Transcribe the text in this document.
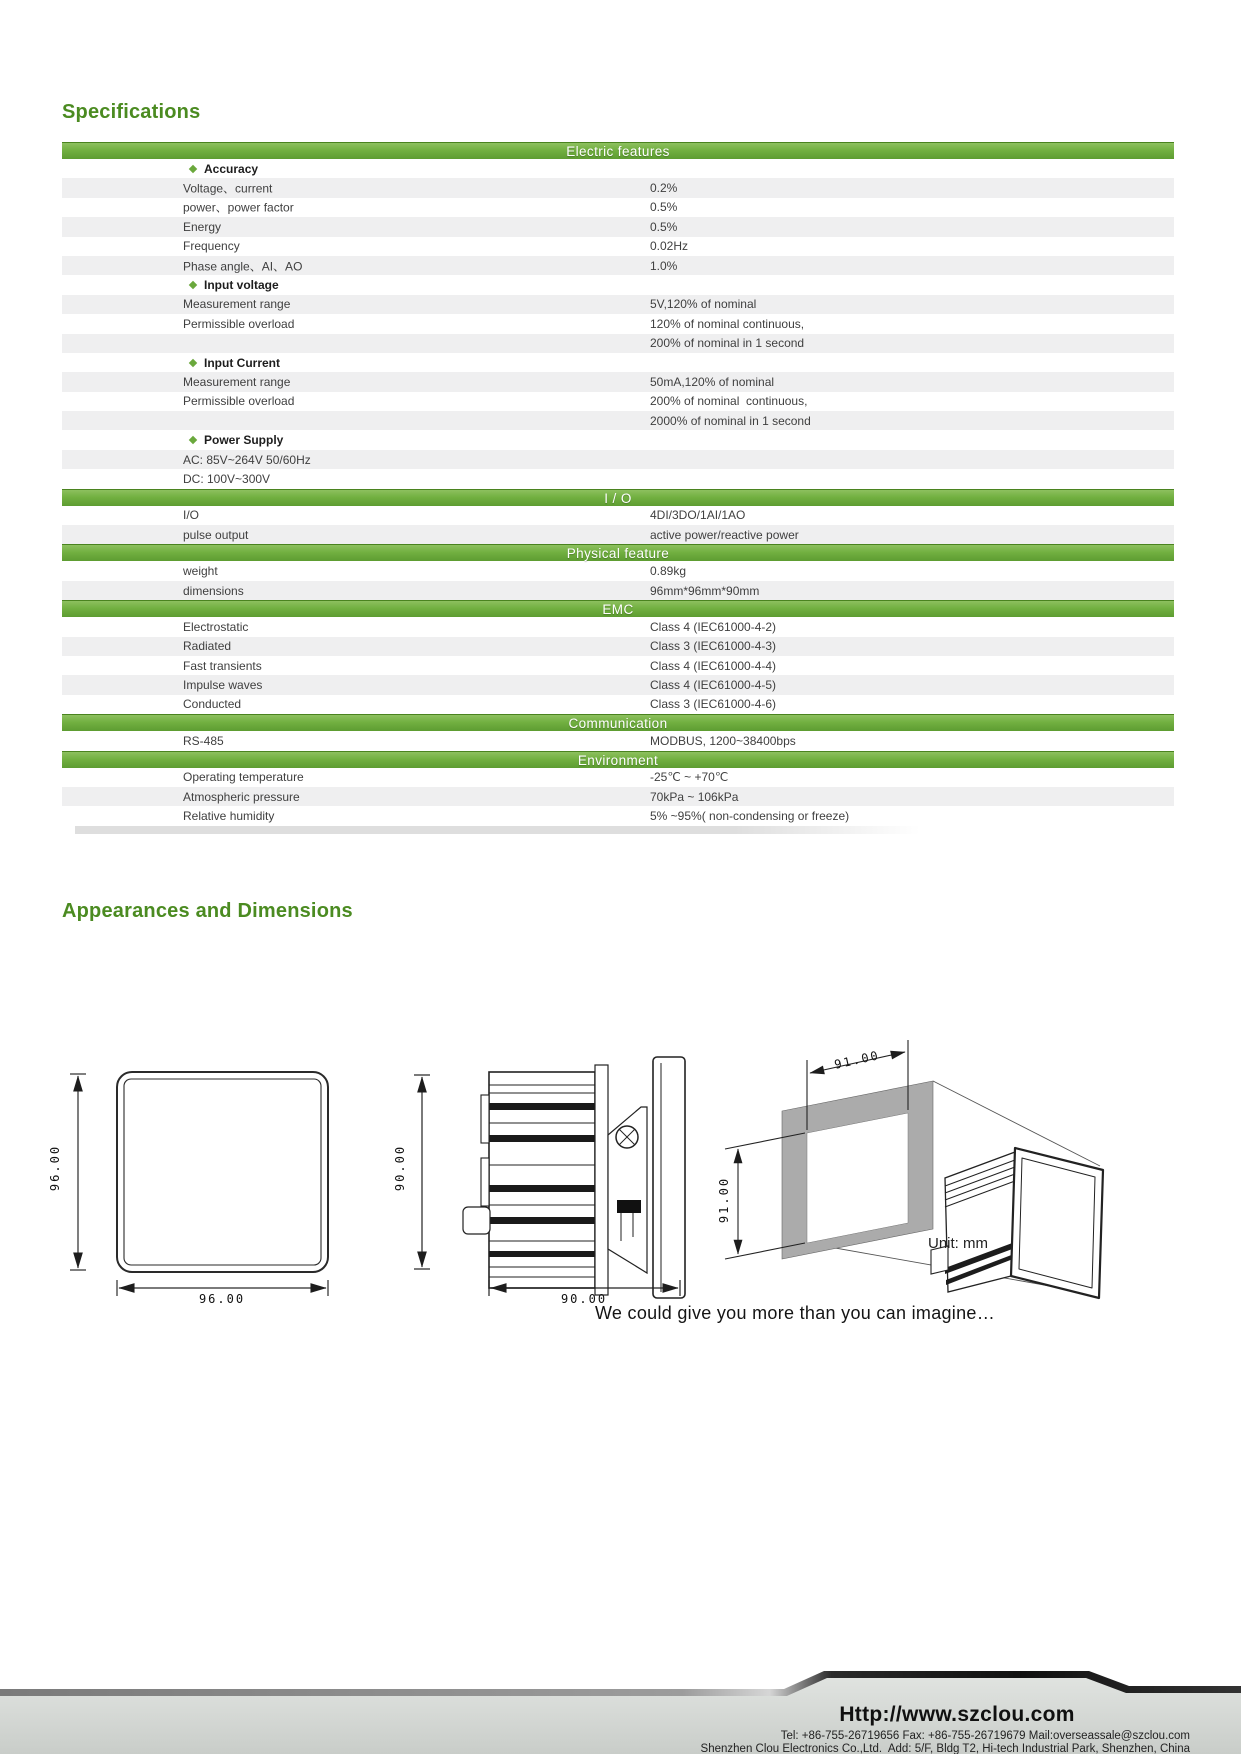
Specifications
Electric features
Accuracy
Voltage、current	0.2%
power、power factor	0.5%
Energy	0.5%
Frequency	0.02Hz
Phase angle、AI、AO	1.0%
Input voltage
Measurement range	5V,120% of nominal
Permissible overload	120% of nominal continuous,
200% of nominal in 1 second
Input Current
Measurement range	50mA,120% of nominal
Permissible overload	200% of nominal  continuous,
2000% of nominal in 1 second
Power Supply
AC: 85V~264V 50/60Hz
DC: 100V~300V
I / O
I/O	4DI/3DO/1AI/1AO
pulse output	active power/reactive power
Physical feature
weight	0.89kg
dimensions	96mm*96mm*90mm
EMC
Electrostatic	Class 4 (IEC61000-4-2)
Radiated	Class 3 (IEC61000-4-3)
Fast transients	Class 4 (IEC61000-4-4)
Impulse waves	Class 4 (IEC61000-4-5)
Conducted	Class 3 (IEC61000-4-6)
Communication
RS-485	MODBUS, 1200~38400bps
Environment
Operating temperature	-25℃ ~ +70℃
Atmospheric pressure	70kPa ~ 106kPa
Relative humidity	5% ~95%( non-condensing or freeze)
Appearances and Dimensions
96.00
96.00
90.00
90.00
91.00
91.00
Unit: mm
We could give you more than you can imagine…
Http://www.szclou.com
Tel: +86-755-26719656 Fax: +86-755-26719679 Mail:overseassale@szclou.com
Shenzhen Clou Electronics Co.,Ltd.  Add: 5/F, Bldg T2, Hi-tech Industrial Park, Shenzhen, China
